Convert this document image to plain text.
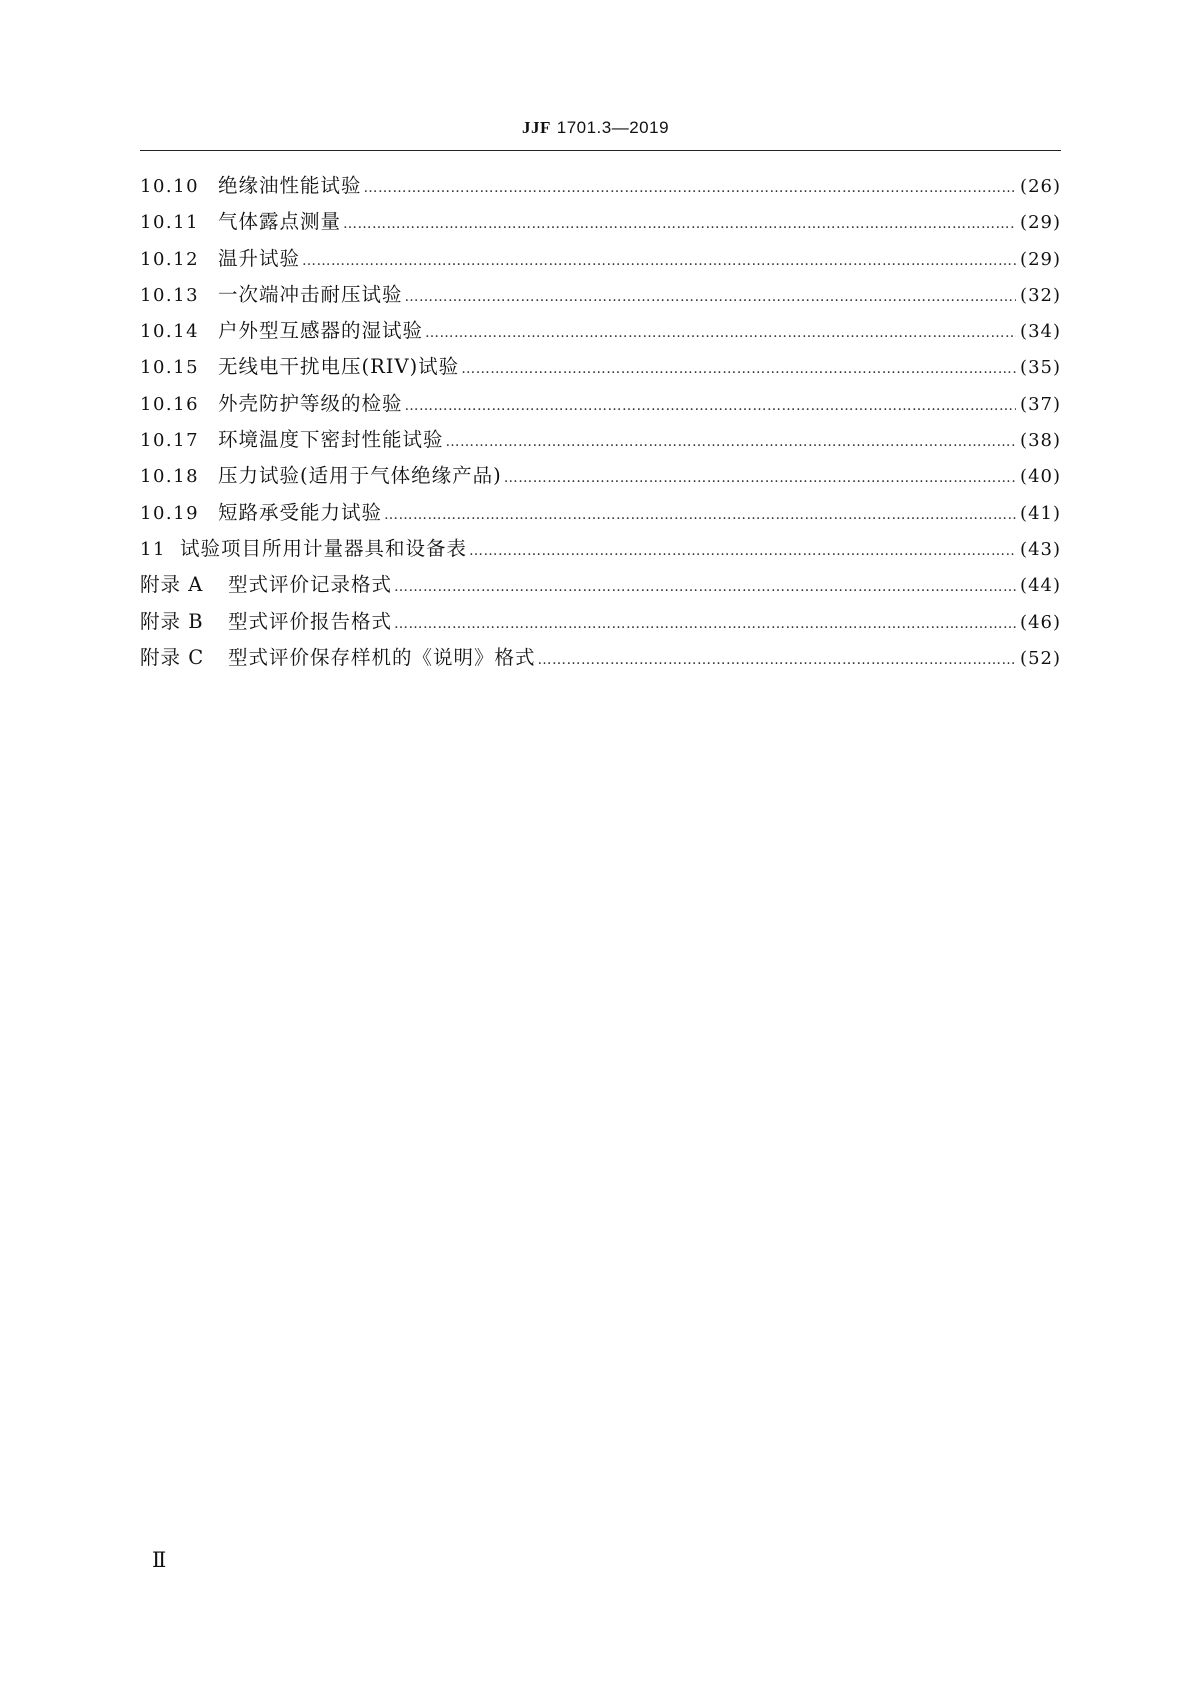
JJF 1701.3—2019
10.10 绝缘油性能试验 ……………………………………………………………………………………………………………………………………………………………………………………………………………………………………………………	(26)
10.11 气体露点测量 ……………………………………………………………………………………………………………………………………………………………………………………………………………………………………………………	(29)
10.12 温升试验 ……………………………………………………………………………………………………………………………………………………………………………………………………………………………………………………	(29)
10.13 一次端冲击耐压试验 ……………………………………………………………………………………………………………………………………………………………………………………………………………………………………………………	(32)
10.14 户外型互感器的湿试验 ……………………………………………………………………………………………………………………………………………………………………………………………………………………………………………………	(34)
10.15 无线电干扰电压(RIV)试验 ……………………………………………………………………………………………………………………………………………………………………………………………………………………………………………………	(35)
10.16 外壳防护等级的检验 ……………………………………………………………………………………………………………………………………………………………………………………………………………………………………………………	(37)
10.17 环境温度下密封性能试验 ……………………………………………………………………………………………………………………………………………………………………………………………………………………………………………………	(38)
10.18 压力试验(适用于气体绝缘产品) ……………………………………………………………………………………………………………………………………………………………………………………………………………………………………………………	(40)
10.19 短路承受能力试验 ……………………………………………………………………………………………………………………………………………………………………………………………………………………………………………………	(41)
11 试验项目所用计量器具和设备表 ……………………………………………………………………………………………………………………………………………………………………………………………………………………………………………………	(43)
附录 A	型式评价记录格式 ……………………………………………………………………………………………………………………………………………………………………………………………………………………………………………………	(44)
附录 B	型式评价报告格式 ……………………………………………………………………………………………………………………………………………………………………………………………………………………………………………………	(46)
附录 C	型式评价保存样机的《说明》格式 ……………………………………………………………………………………………………………………………………………………………………………………………………………………………………………………	(52)
Ⅱ
